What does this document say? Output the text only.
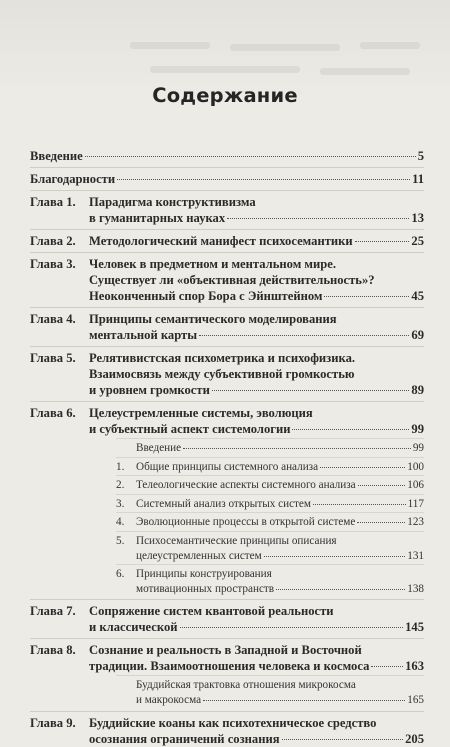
Содержание
Введение	5
Благодарности	11
Глава 1.	Парадигма конструктивизма
в гуманитарных науках	13
Глава 2.	Методологический манифест психосемантики	25
Глава 3.	Человек в предметном и ментальном мире.
Существует ли «объективная действительность»?
Неоконченный спор Бора с Эйнштейном	45
Глава 4.	Принципы семантического моделирования
ментальной карты	69
Глава 5.	Релятивистская психометрика и психофизика.
Взаимосвязь между субъективной громкостью
и уровнем громкости	89
Глава 6.	Целеустремленные системы, эволюция
и субъектный аспект системологии	99
Введение	99
1.	Общие принципы системного анализа	100
2.	Телеологические аспекты системного анализа	106
3.	Системный анализ открытых систем	117
4.	Эволюционные процессы в открытой системе	123
5.	Психосемантические принципы описания
целеустремленных систем	131
6.	Принципы конструирования
мотивационных пространств	138
Глава 7.	Сопряжение систем квантовой реальности
и классической	145
Глава 8.	Сознание и реальность в Западной и Восточной
традиции. Взаимоотношения человека и космоса	163
Буддийская трактовка отношения микрокосма
и макрокосма	165
Глава 9.	Буддийские коаны как психотехническое средство
осознания ограничений сознания	205
